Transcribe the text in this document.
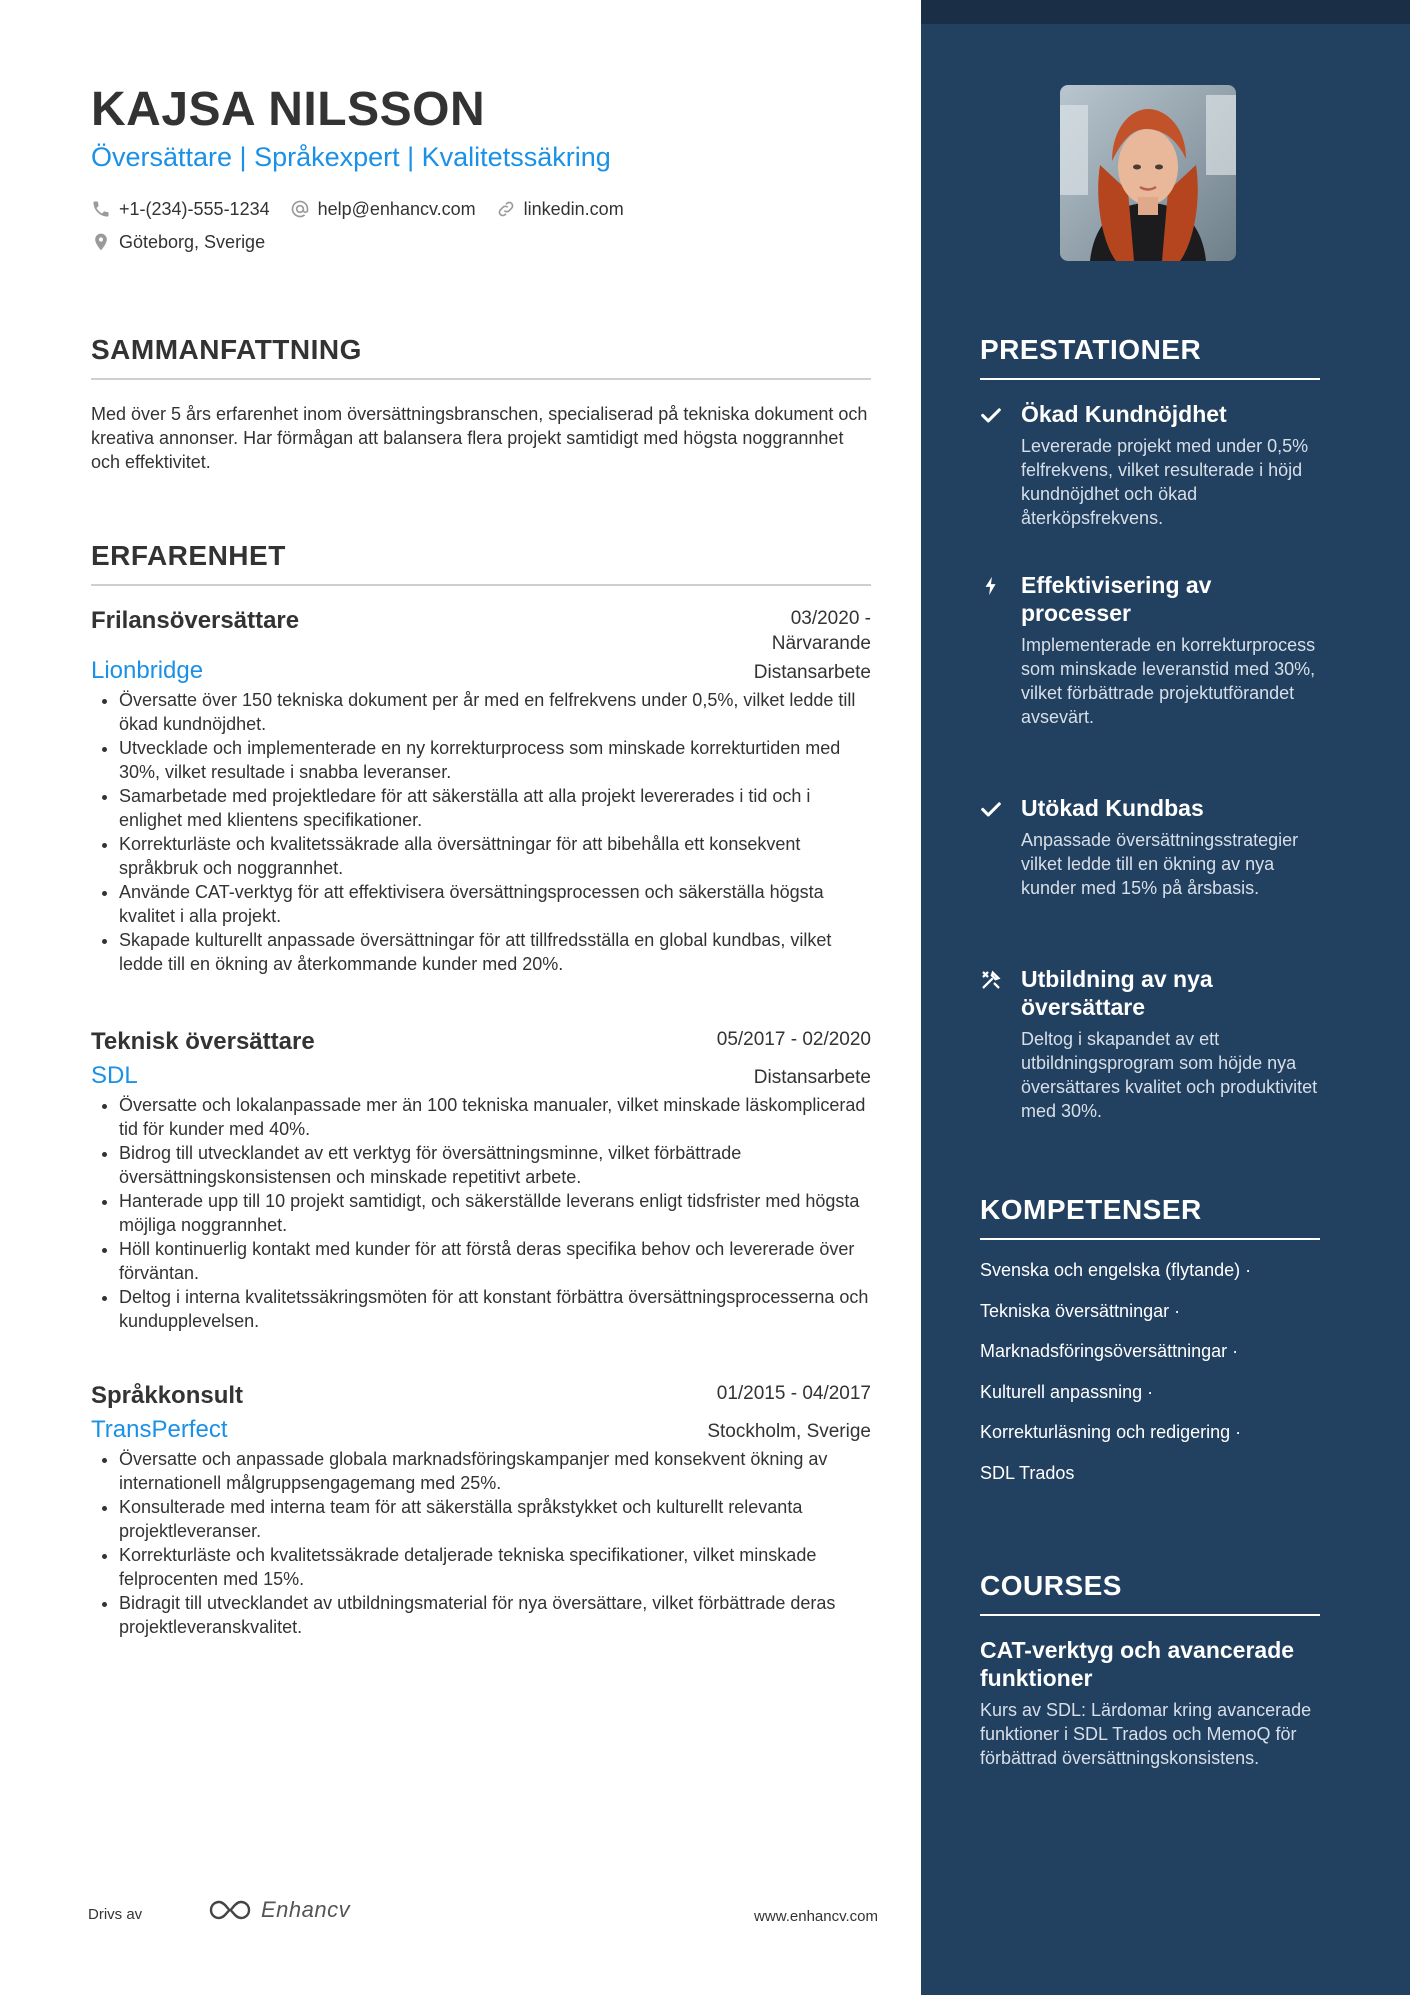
KAJSA NILSSON
Översättare | Språkexpert | Kvalitetssäkring
+1-(234)-555-1234	help@enhancv.com	linkedin.com
Göteborg, Sverige
SAMMANFATTNING

Med över 5 års erfarenhet inom översättningsbranschen, specialiserad på tekniska dokument och kreativa annonser. Har förmågan att balansera flera projekt samtidigt med högsta noggrannhet och effektivitet.

ERFARENHET
Frilansöversättare	03/2020 - Närvarande
Lionbridge	Distansarbete
• Översatte över 150 tekniska dokument per år med en felfrekvens under 0,5%, vilket ledde till ökad kundnöjdhet.
• Utvecklade och implementerade en ny korrekturprocess som minskade korrekturtiden med 30%, vilket resultade i snabba leveranser.
• Samarbetade med projektledare för att säkerställa att alla projekt levererades i tid och i enlighet med klientens specifikationer.
• Korrekturläste och kvalitetssäkrade alla översättningar för att bibehålla ett konsekvent språkbruk och noggrannhet.
• Använde CAT-verktyg för att effektivisera översättningsprocessen och säkerställa högsta kvalitet i alla projekt.
• Skapade kulturellt anpassade översättningar för att tillfredsställa en global kundbas, vilket ledde till en ökning av återkommande kunder med 20%.
Teknisk översättare	05/2017 - 02/2020
SDL	Distansarbete
• Översatte och lokalanpassade mer än 100 tekniska manualer, vilket minskade läskomplicerad tid för kunder med 40%.
• Bidrog till utvecklandet av ett verktyg för översättningsminne, vilket förbättrade översättningskonsistensen och minskade repetitivt arbete.
• Hanterade upp till 10 projekt samtidigt, och säkerställde leverans enligt tidsfrister med högsta möjliga noggrannhet.
• Höll kontinuerlig kontakt med kunder för att förstå deras specifika behov och levererade över förväntan.
• Deltog i interna kvalitetssäkringsmöten för att konstant förbättra översättningsprocesserna och kundupplevelsen.
Språkkonsult	01/2015 - 04/2017
TransPerfect	Stockholm, Sverige
• Översatte och anpassade globala marknadsföringskampanjer med konsekvent ökning av internationell målgruppsengagemang med 25%.
• Konsulterade med interna team för att säkerställa språkstykket och kulturellt relevanta projektleveranser.
• Korrekturläste och kvalitetssäkrade detaljerade tekniska specifikationer, vilket minskade felprocenten med 15%.
• Bidragit till utvecklandet av utbildningsmaterial för nya översättare, vilket förbättrade deras projektleveranskvalitet.
Drivs av	Enhancv	www.enhancv.com
PRESTATIONER
Ökad Kundnöjdhet
Levererade projekt med under 0,5% felfrekvens, vilket resulterade i höjd kundnöjdhet och ökad återköpsfrekvens.
Effektivisering av processer
Implementerade en korrekturprocess som minskade leveranstid med 30%, vilket förbättrade projektutförandet avsevärt.
Utökad Kundbas
Anpassade översättningsstrategier vilket ledde till en ökning av nya kunder med 15% på årsbasis.
Utbildning av nya översättare
Deltog i skapandet av ett utbildningsprogram som höjde nya översättares kvalitet och produktivitet med 30%.
KOMPETENSER
Svenska och engelska (flytande) ·
Tekniska översättningar ·
Marknadsföringsöversättningar ·
Kulturell anpassning ·
Korrekturläsning och redigering ·
SDL Trados
COURSES
CAT-verktyg och avancerade funktioner
Kurs av SDL: Lärdomar kring avancerade funktioner i SDL Trados och MemoQ för förbättrad översättningskonsistens.
